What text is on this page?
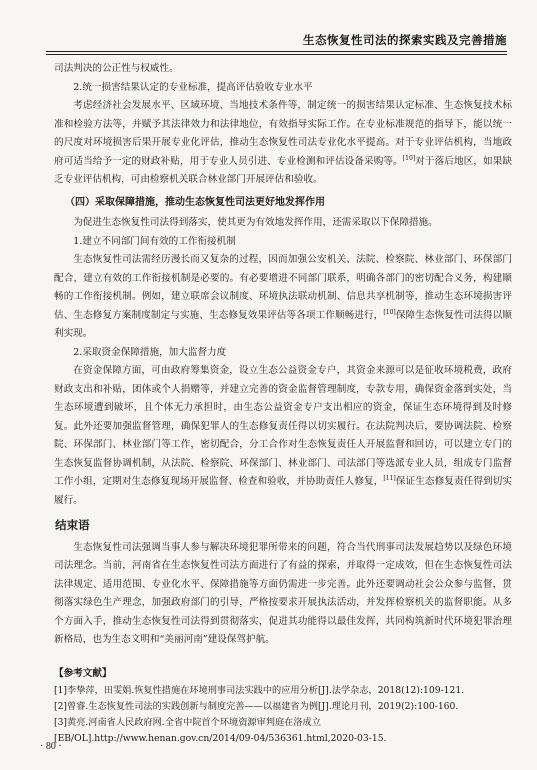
生态恢复性司法的探索实践及完善措施

司法判决的公正性与权威性。

2.统一损害结果认定的专业标准，提高评估验收专业水平

考虑经济社会发展水平、区域环境、当地技术条件等，制定统一的损害结果认定标准、生态恢复技术标准和检验方法等，并赋予其法律效力和法律地位，有效指导实际工作。在专业标准规范的指导下，能以统一的尺度对环境损害后果开展专业化评估，推动生态恢复性司法专业化水平提高。对于专业评估机构，当地政府可适当给予一定的财政补贴，用于专业人员引进、专业检测和评估设备采购等。[10]对于落后地区，如果缺乏专业评估机构，可由检察机关联合林业部门开展评估和验收。

（四）采取保障措施，推动生态恢复性司法更好地发挥作用

为促进生态恢复性司法得到落实，使其更为有效地发挥作用，还需采取以下保障措施。

1.建立不同部门间有效的工作衔接机制

生态恢复性司法需经历漫长而又复杂的过程，因而加强公安机关、法院、检察院、林业部门、环保部门配合，建立有效的工作衔接机制是必要的。有必要增进不同部门联系，明确各部门的密切配合义务，构建顺畅的工作衔接机制。例如，建立联席会议制度、环境执法联动机制、信息共享机制等，推动生态环境损害评估、生态修复方案制度制定与实施、生态修复效果评估等各项工作顺畅进行，[10]保障生态恢复性司法得以顺利实现。

2.采取资金保障措施，加大监督力度

在资金保障方面，可由政府筹集资金，设立生态公益资金专户，其资金来源可以是征收环境税费，政府财政支出和补贴，团体或个人捐赠等，并建立完善的资金监督管理制度，专款专用，确保资金落到实处，当生态环境遭到破坏，且个体无力承担时，由生态公益资金专户支出相应的资金，保证生态环境得到及时修复。此外还要加强监督管理，确保犯罪人的生态修复责任得以切实履行。在法院判决后，要协调法院、检察院、环保部门、林业部门等工作，密切配合，分工合作对生态恢复责任人开展监督和回访，可以建立专门的生态恢复监督协调机制，从法院、检察院、环保部门、林业部门、司法部门等选派专业人员，组成专门监督工作小组，定期对生态修复现场开展监督、检查和验收，并协助责任人修复，[11]保证生态修复责任得到切实履行。

结束语

生态恢复性司法强调当事人参与解决环境犯罪所带来的问题，符合当代刑事司法发展趋势以及绿色环境司法理念。当前，河南省在生态恢复性司法方面进行了有益的探索，并取得一定成效，但在生态恢复性司法法律规定、适用范围、专业化水平、保障措施等方面仍需进一步完善。此外还要调动社会公众参与监督，贯彻落实绿色生产理念，加强政府部门的引导，严格按要求开展执法活动，并发挥检察机关的监督职能。从多个方面入手，推动生态恢复性司法得到贯彻落实，促进其功能得以最佳发挥，共同构筑新时代环境犯罪治理新格局，也为生态文明和“美丽河南”建设保驾护航。

【参考文献】

[1]李挚萍，田雯娟.恢复性措施在环境刑事司法实践中的应用分析[J].法学杂志，2018(12):109-121.

[2]曾睿.生态恢复性司法的实践创新与制度完善——以福建省为例[J].理论月刊，2019(2):100-160.

[3]黄亮.河南省人民政府网.全省中院首个环境资源审判庭在洛成立[EB/OL].http://www.henan.gov.cn/2014/09-04/536361.html,2020-03-15.

· 80 ·
